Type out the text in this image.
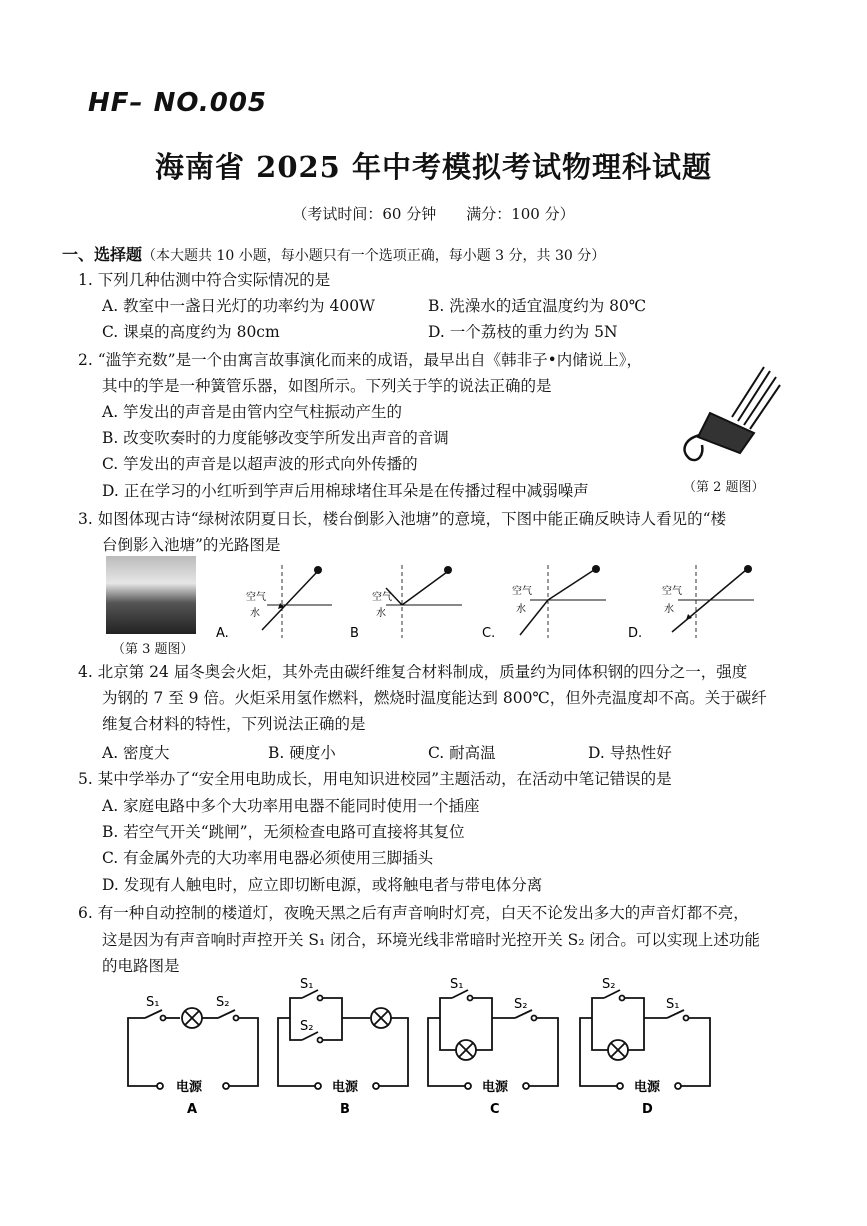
HF– NO.005
海南省 2025 年中考模拟考试物理科试题
（考试时间：60 分钟　　满分：100 分）
一、选择题（本大题共 10 小题，每小题只有一个选项正确，每小题 3 分，共 30 分）
1. 下列几种估测中符合实际情况的是
A. 教室中一盏日光灯的功率约为 400W	B. 洗澡水的适宜温度约为 80℃
C. 课桌的高度约为 80cm	D. 一个荔枝的重力约为 5N
2. “滥竽充数”是一个由寓言故事演化而来的成语，最早出自《韩非子•内储说上》，
其中的竽是一种簧管乐器，如图所示。下列关于竽的说法正确的是
A. 竽发出的声音是由管内空气柱振动产生的
B. 改变吹奏时的力度能够改变竽所发出声音的音调
C. 竽发出的声音是以超声波的形式向外传播的
D. 正在学习的小红听到竽声后用棉球堵住耳朵是在传播过程中减弱噪声	（第 2 题图）
3. 如图体现古诗“绿树浓阴夏日长，楼台倒影入池塘”的意境，下图中能正确反映诗人看见的“楼
台倒影入池塘”的光路图是
（第 3 题图）
空气
水
A.
空气
水
B
空气
水
C.
空气
水
D.
4. 北京第 24 届冬奥会火炬，其外壳由碳纤维复合材料制成，质量约为同体积钢的四分之一，强度
为钢的 7 至 9 倍。火炬采用氢作燃料，燃烧时温度能达到 800℃，但外壳温度却不高。关于碳纤
维复合材料的特性，下列说法正确的是
A. 密度大	B. 硬度小	C. 耐高温	D. 导热性好
5. 某中学举办了“安全用电助成长，用电知识进校园”主题活动，在活动中笔记错误的是
A. 家庭电路中多个大功率用电器不能同时使用一个插座
B. 若空气开关“跳闸”，无须检查电路可直接将其复位
C. 有金属外壳的大功率用电器必须使用三脚插头
D. 发现有人触电时，应立即切断电源，或将触电者与带电体分离
6. 有一种自动控制的楼道灯，夜晚天黑之后有声音响时灯亮，白天不论发出多大的声音灯都不亮，
这是因为有声音响时声控开关 S₁ 闭合，环境光线非常暗时光控开关 S₂ 闭合。可以实现上述功能
的电路图是
S₁	S₂
电源
A
S₁
S₂
电源
B
S₁
S₂
电源
C
S₂
S₁
电源
D
